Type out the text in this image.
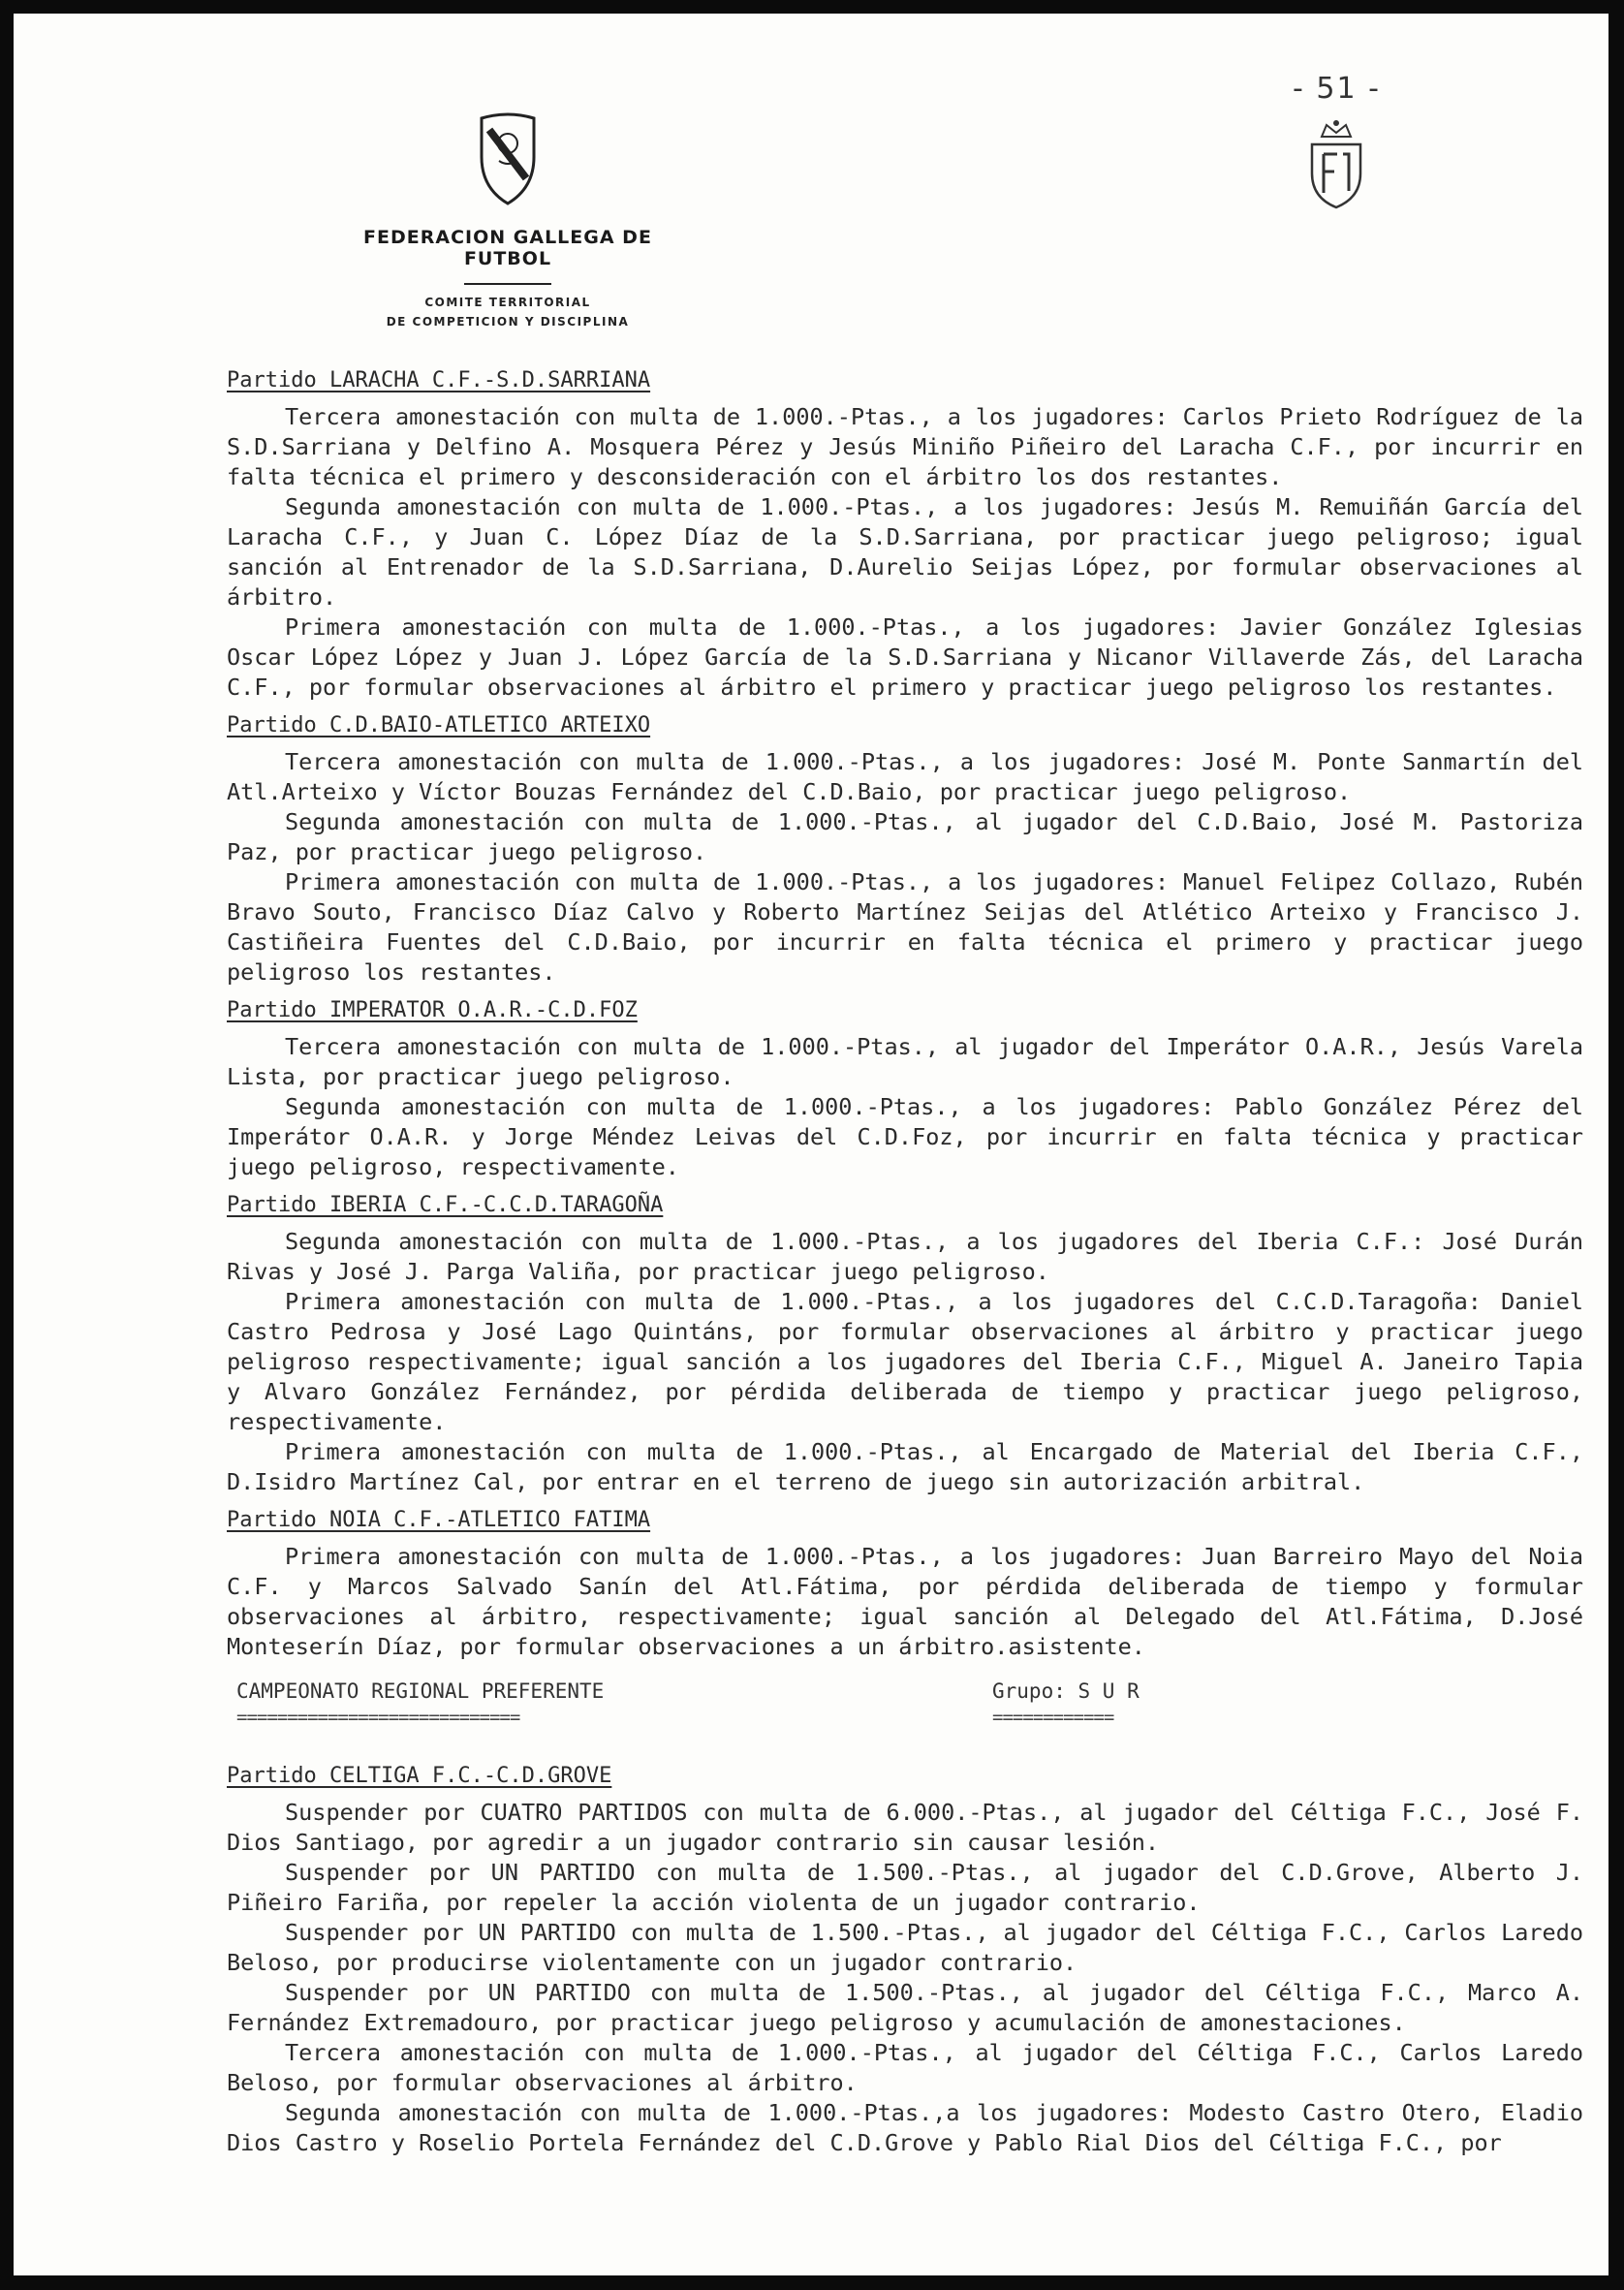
FEDERACION GALLEGA DE FUTBOL
COMITE TERRITORIAL
DE COMPETICION Y DISCIPLINA
- 51 -
Partido LARACHA C.F.-S.D.SARRIANA

Tercera amonestación con multa de 1.000.-Ptas., a los jugadores: Carlos Prieto Rodríguez de la S.D.Sarriana y Delfino A. Mosquera Pérez y Jesús Miniño Piñeiro del Laracha C.F., por incurrir en falta técnica el primero y desconsideración con el árbitro los dos restantes.

Segunda amonestación con multa de 1.000.-Ptas., a los jugadores: Jesús M. Remuiñán García del Laracha C.F., y Juan C. López Díaz de la S.D.Sarriana, por practicar juego peligroso; igual sanción al Entrenador de la S.D.Sarriana, D.Aurelio Seijas López, por formular observaciones al árbitro.

Primera amonestación con multa de 1.000.-Ptas., a los jugadores: Javier González Iglesias Oscar López López y Juan J. López García de la S.D.Sarriana y Nicanor Villaverde Zás, del Laracha C.F., por formular observaciones al árbitro el primero y practicar juego peligroso los restantes.

Partido C.D.BAIO-ATLETICO ARTEIXO

Tercera amonestación con multa de 1.000.-Ptas., a los jugadores: José M. Ponte Sanmartín del Atl.Arteixo y Víctor Bouzas Fernández del C.D.Baio, por practicar juego peligroso.

Segunda amonestación con multa de 1.000.-Ptas., al jugador del C.D.Baio, José M. Pastoriza Paz, por practicar juego peligroso.

Primera amonestación con multa de 1.000.-Ptas., a los jugadores: Manuel Felipez Collazo, Rubén Bravo Souto, Francisco Díaz Calvo y Roberto Martínez Seijas del Atlético Arteixo y Francisco J. Castiñeira Fuentes del C.D.Baio, por incurrir en falta técnica el primero y practicar juego peligroso los restantes.

Partido IMPERATOR O.A.R.-C.D.FOZ

Tercera amonestación con multa de 1.000.-Ptas., al jugador del Imperátor O.A.R., Jesús Varela Lista, por practicar juego peligroso.

Segunda amonestación con multa de 1.000.-Ptas., a los jugadores: Pablo González Pérez del Imperátor O.A.R. y Jorge Méndez Leivas del C.D.Foz, por incurrir en falta técnica y practicar juego peligroso, respectivamente.

Partido IBERIA C.F.-C.C.D.TARAGOÑA

Segunda amonestación con multa de 1.000.-Ptas., a los jugadores del Iberia C.F.: José Durán Rivas y José J. Parga Valiña, por practicar juego peligroso.

Primera amonestación con multa de 1.000.-Ptas., a los jugadores del C.C.D.Taragoña: Daniel Castro Pedrosa y José Lago Quintáns, por formular observaciones al árbitro y practicar juego peligroso respectivamente; igual sanción a los jugadores del Iberia C.F., Miguel A. Janeiro Tapia y Alvaro González Fernández, por pérdida deliberada de tiempo y practicar juego peligroso, respectivamente.

Primera amonestación con multa de 1.000.-Ptas., al Encargado de Material del Iberia C.F., D.Isidro Martínez Cal, por entrar en el terreno de juego sin autorización arbitral.

Partido NOIA C.F.-ATLETICO FATIMA

Primera amonestación con multa de 1.000.-Ptas., a los jugadores: Juan Barreiro Mayo del Noia C.F. y Marcos Salvado Sanín del Atl.Fátima, por pérdida deliberada de tiempo y formular observaciones al árbitro, respectivamente; igual sanción al Delegado del Atl.Fátima, D.José Monteserín Díaz, por formular observaciones a un árbitro.asistente.

CAMPEONATO REGIONAL PREFERENTE
============================
Grupo: S U R
============
Partido CELTIGA F.C.-C.D.GROVE

Suspender por CUATRO PARTIDOS con multa de 6.000.-Ptas., al jugador del Céltiga F.C., José F. Dios Santiago, por agredir a un jugador contrario sin causar lesión.

Suspender por UN PARTIDO con multa de 1.500.-Ptas., al jugador del C.D.Grove, Alberto J. Piñeiro Fariña, por repeler la acción violenta de un jugador contrario.

Suspender por UN PARTIDO con multa de 1.500.-Ptas., al jugador del Céltiga F.C., Carlos Laredo Beloso, por producirse violentamente con un jugador contrario.

Suspender por UN PARTIDO con multa de 1.500.-Ptas., al jugador del Céltiga F.C., Marco A. Fernández Extremadouro, por practicar juego peligroso y acumulación de amonestaciones.

Tercera amonestación con multa de 1.000.-Ptas., al jugador del Céltiga F.C., Carlos Laredo Beloso, por formular observaciones al árbitro.

Segunda amonestación con multa de 1.000.-Ptas.,a los jugadores: Modesto Castro Otero, Eladio Dios Castro y Roselio Portela Fernández del C.D.Grove y Pablo Rial Dios del Céltiga F.C., por
